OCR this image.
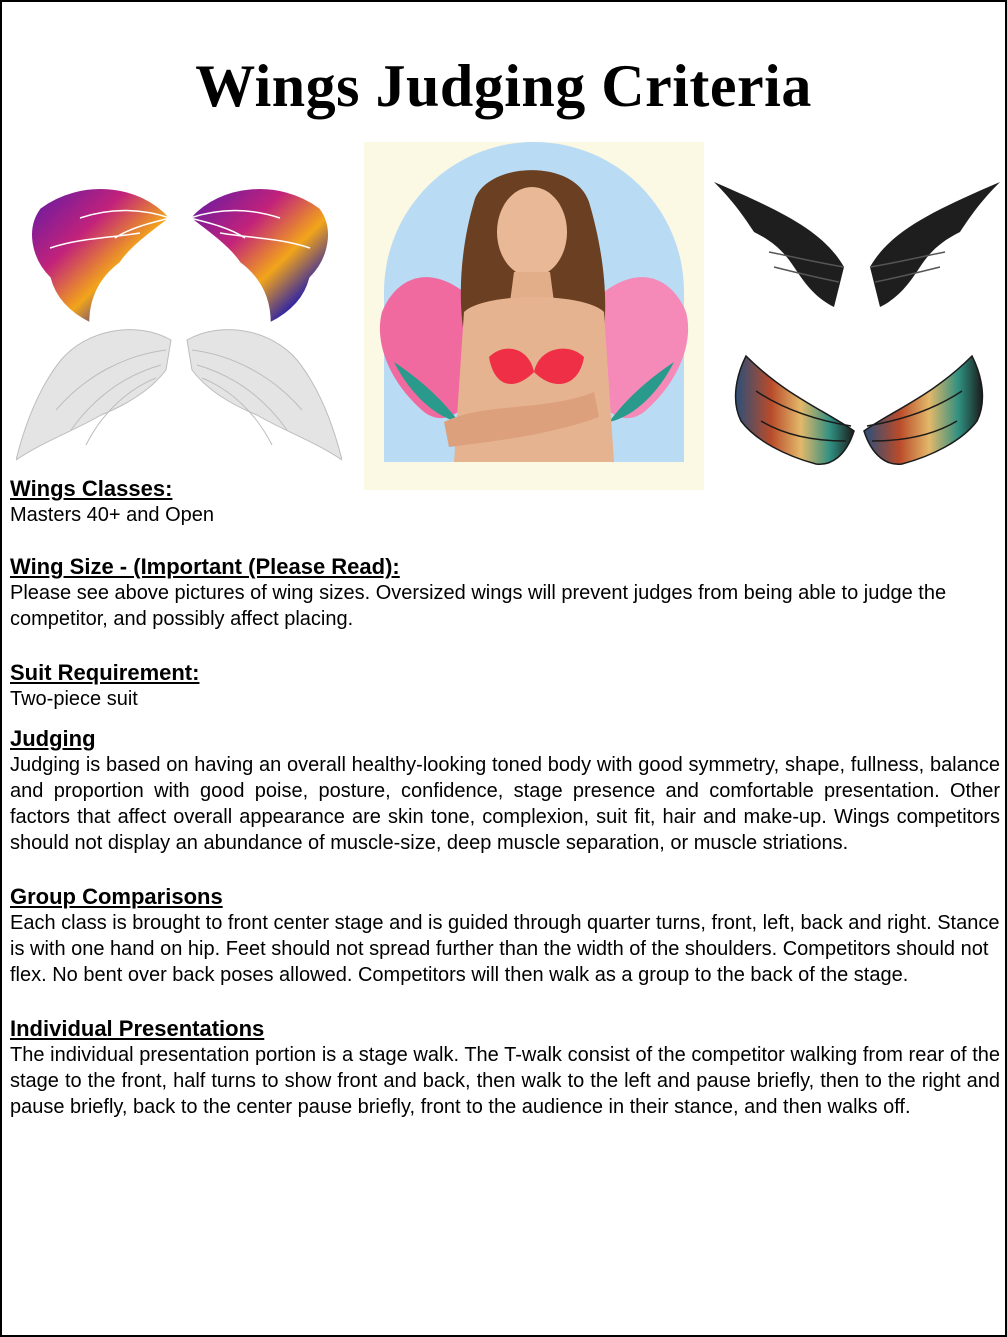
Wings Judging Criteria
Wings Classes:

Masters 40+ and Open

Wing Size - (Important (Please Read):

Please see above pictures of wing sizes. Oversized wings will prevent judges from being able to judge the competitor, and possibly affect placing.

Suit Requirement:

Two-piece suit

Judging

Judging is based on having an overall healthy-looking toned body with good symmetry, shape, fullness, balance and proportion with good poise, posture, confidence, stage presence and comfortable presentation. Other factors that affect overall appearance are skin tone, complexion, suit fit, hair and make-up. Wings competitors should not display an abundance of muscle-size, deep muscle separation, or muscle striations.

Group Comparisons

Each class is brought to front center stage and is guided through quarter turns, front, left, back and right. Stance is with one hand on hip. Feet should not spread further than the width of the shoulders. Competitors should not flex. No bent over back poses allowed. Competitors will then walk as a group to the back of the stage.

Individual Presentations

The individual presentation portion is a stage walk. The T-walk consist of the competitor walking from rear of the stage to the front, half turns to show front and back, then walk to the left and pause briefly, then to the right and pause briefly, back to the center pause briefly, front to the audience in their stance, and then walks off.
